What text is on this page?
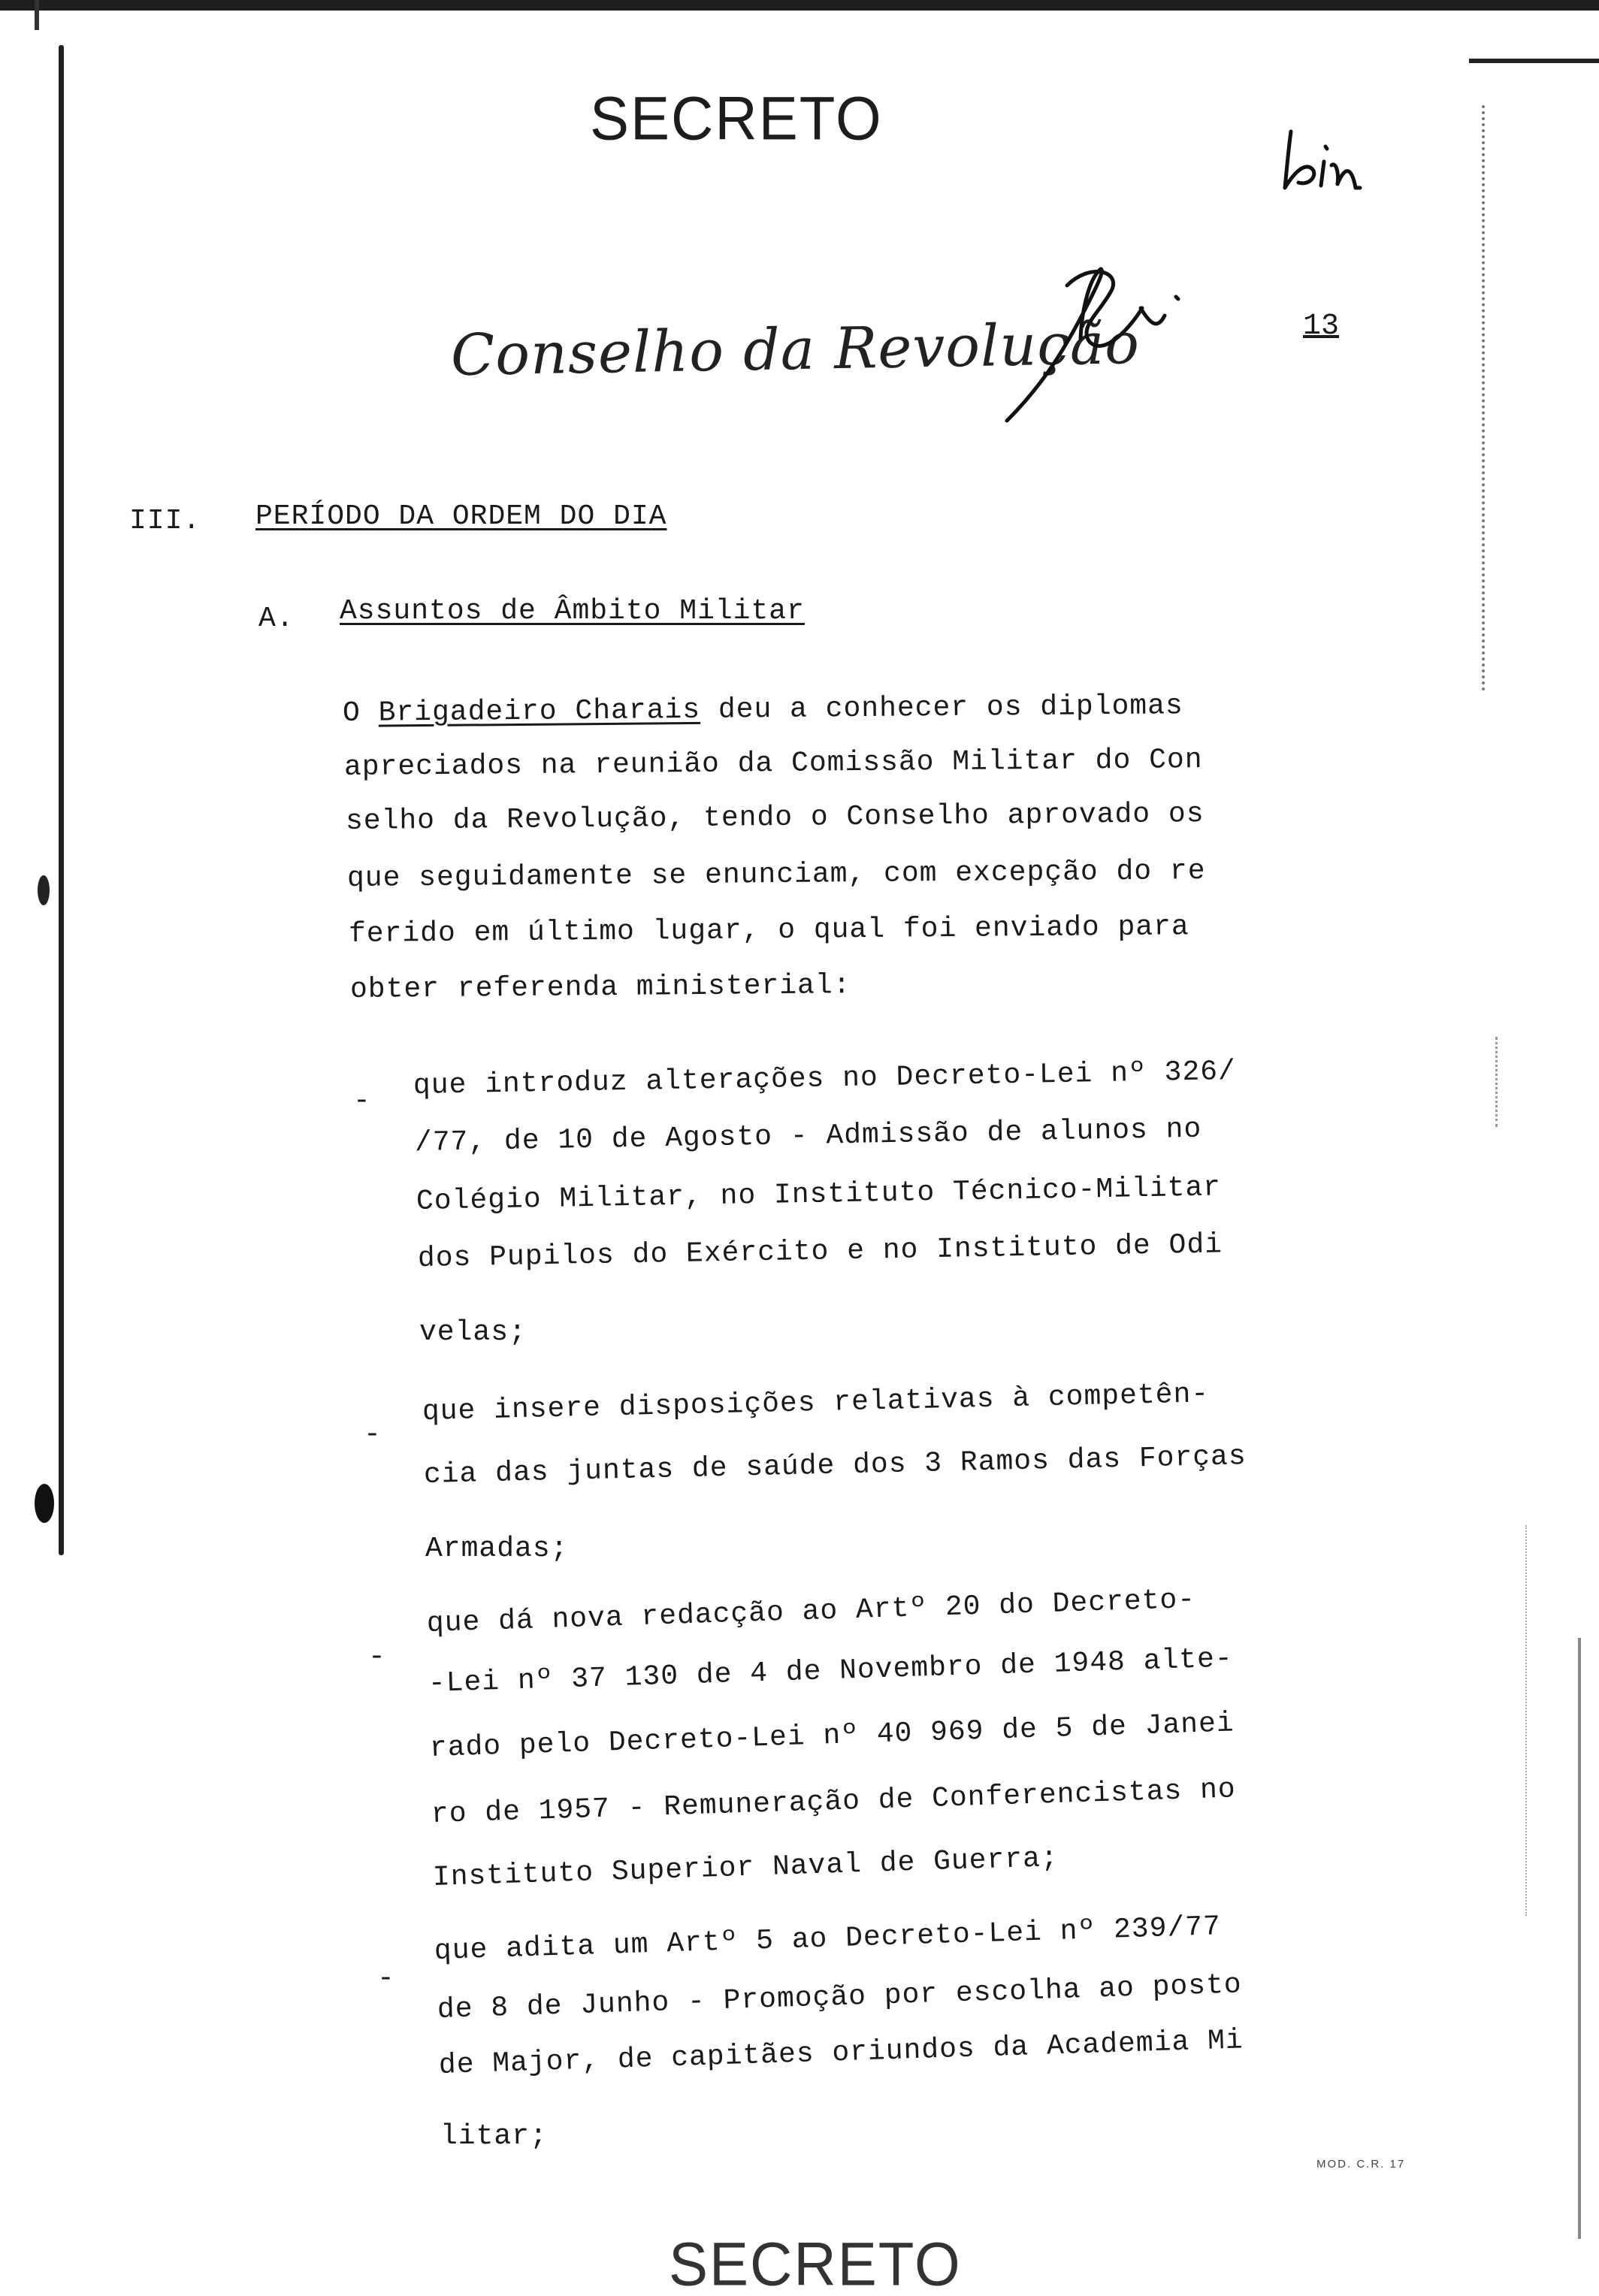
SECRETO
Conselho da Revolução	13
III. PERÍODO DA ORDEM DO DIA
A. Assuntos de Âmbito Militar
O Brigadeiro Charais deu a conhecer os diplomas
apreciados na reunião da Comissão Militar do Con
selho da Revolução, tendo o Conselho aprovado os
que seguidamente se enunciam, com excepção do re
ferido em último lugar, o qual foi enviado para
obter referenda ministerial:
- que introduz alterações no Decreto-Lei nº 326/
/77, de 10 de Agosto - Admissão de alunos no
Colégio Militar, no Instituto Técnico-Militar
dos Pupilos do Exército e no Instituto de Odi
velas;
-
que insere disposições relativas à competên-
cia das juntas de saúde dos 3 Ramos das Forças
Armadas;
-
que dá nova redacção ao Artº 20 do Decreto-
-Lei nº 37 130 de 4 de Novembro de 1948 alte-
rado pelo Decreto-Lei nº 40 969 de 5 de Janei
ro de 1957 - Remuneração de Conferencistas no
Instituto Superior Naval de Guerra;
-
que adita um Artº 5 ao Decreto-Lei nº 239/77
de 8 de Junho - Promoção por escolha ao posto
de Major, de capitães oriundos da Academia Mi
litar;
MOD. C.R. 17
SECRETO
